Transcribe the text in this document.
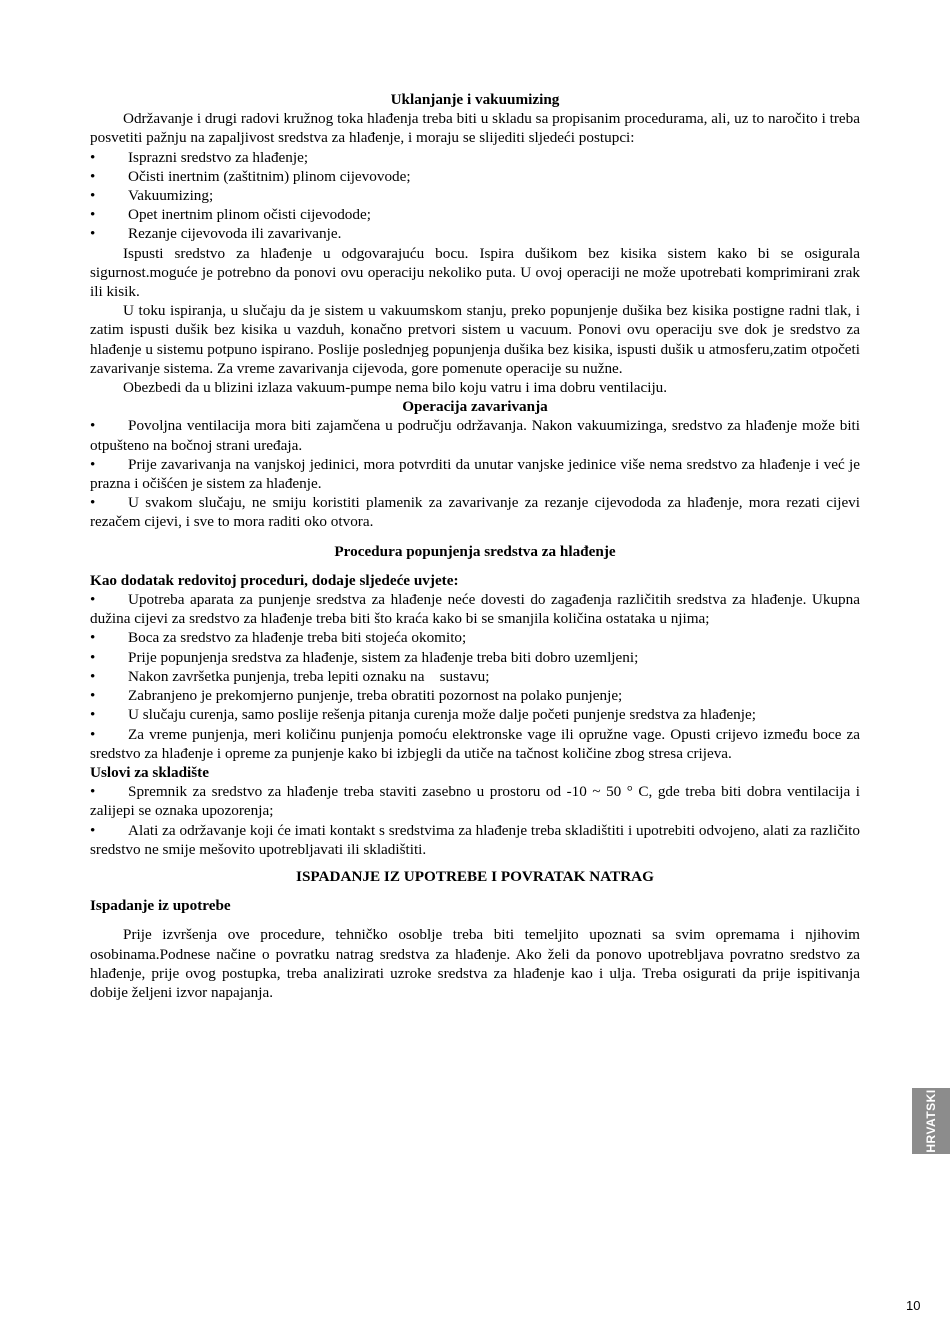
Uklanjanje i vakuumizing

Održavanje i drugi radovi kružnog toka hlađenja treba biti u skladu sa propisanim procedurama, ali, uz to naročito i treba posvetiti pažnju na zapaljivost sredstva za hlađenje, i moraju se slijediti sljedeći postupci:

• Isprazni sredstvo za hlađenje;
• Očisti inertnim (zaštitnim) plinom cijevovode;
• Vakuumizing;
• Opet inertnim plinom očisti cijevodode;
• Rezanje cijevovoda ili zavarivanje.

Ispusti sredstvo za hlađenje u odgovarajuću bocu. Ispira dušikom bez kisika sistem kako bi se osigurala sigurnost.moguće je potrebno da ponovi ovu operaciju nekoliko puta. U ovoj operaciji ne može upotrebati komprimirani zrak ili kisik.

U toku ispiranja, u slučaju da je sistem u vakuumskom stanju, preko popunjenje dušika bez kisika postigne radni tlak, i zatim ispusti dušik bez kisika u vazduh, konačno pretvori sistem u vacuum. Ponovi ovu operaciju sve dok je sredstvo za hlađenje u sistemu potpuno ispirano. Poslije poslednjeg popunjenja dušika bez kisika, ispusti dušik u atmosferu,zatim otpočeti zavarivanje sistema. Za vreme zavarivanja cijevoda, gore pomenute operacije su nužne.

Obezbedi da u blizini izlaza vakuum-pumpe nema bilo koju vatru i ima dobru ventilaciju.

Operacija zavarivanja

• Povoljna ventilacija mora biti zajamčena u području održavanja. Nakon vakuumizinga, sredstvo za hlađenje može biti otpušteno na bočnoj strani uređaja.
• Prije zavarivanja na vanjskoj jedinici, mora potvrditi da unutar vanjske jedinice više nema sredstvo za hlađenje i već je prazna i očišćen je sistem za hlađenje.
• U svakom slučaju, ne smiju koristiti plamenik za zavarivanje za rezanje cijevododa za hlađenje, mora rezati cijevi rezačem cijevi, i sve to mora raditi oko otvora.

Procedura popunjenja sredstva za hlađenje

Kao dodatak redovitoj proceduri, dodaje sljedeće uvjete:

• Upotreba aparata za punjenje sredstva za hlađenje neće dovesti do zagađenja različitih sredstva za hlađenje. Ukupna dužina cijevi za sredstvo za hlađenje treba biti što kraća kako bi se smanjila količina ostataka u njima;
• Boca za sredstvo za hlađenje treba biti stojeća okomito;
• Prije popunjenja sredstva za hlađenje, sistem za hlađenje treba biti dobro uzemljeni;
• Nakon završetka punjenja, treba lepiti oznaku na    sustavu;
• Zabranjeno je prekomjerno punjenje, treba obratiti pozornost na polako punjenje;
• U slučaju curenja, samo poslije rešenja pitanja curenja može dalje početi punjenje sredstva za hlađenje;
• Za vreme punjenja, meri količinu punjenja pomoću elektronske vage ili opružne vage. Opusti crijevo između boce za sredstvo za hlađenje i opreme za punjenje kako bi izbjegli da utiče na tačnost količine zbog stresa crijeva.

Uslovi za skladište

• Spremnik za sredstvo za hlađenje treba staviti zasebno u prostoru od -10 ~ 50 ° C, gde treba biti dobra ventilacija i zalijepi se oznaka upozorenja;
• Alati za održavanje koji će imati kontakt s sredstvima za hlađenje treba skladištiti i upotrebiti odvojeno, alati za različito sredstvo ne smije mešovito upotrebljavati ili skladištiti.

ISPADANJE IZ UPOTREBE I POVRATAK NATRAG

Ispadanje iz upotrebe

Prije izvršenja ove procedure, tehničko osoblje treba biti temeljito upoznati sa svim opremama i njihovim osobinama.Podnese načine o povratku natrag sredstva za hlađenje. Ako želi da ponovo upotrebljava povratno sredstvo za hlađenje, prije ovog postupka, treba analizirati uzroke sredstva za hlađenje kao i ulja. Treba osigurati da prije ispitivanja dobije željeni izvor napajanja.

HRVATSKI
10
